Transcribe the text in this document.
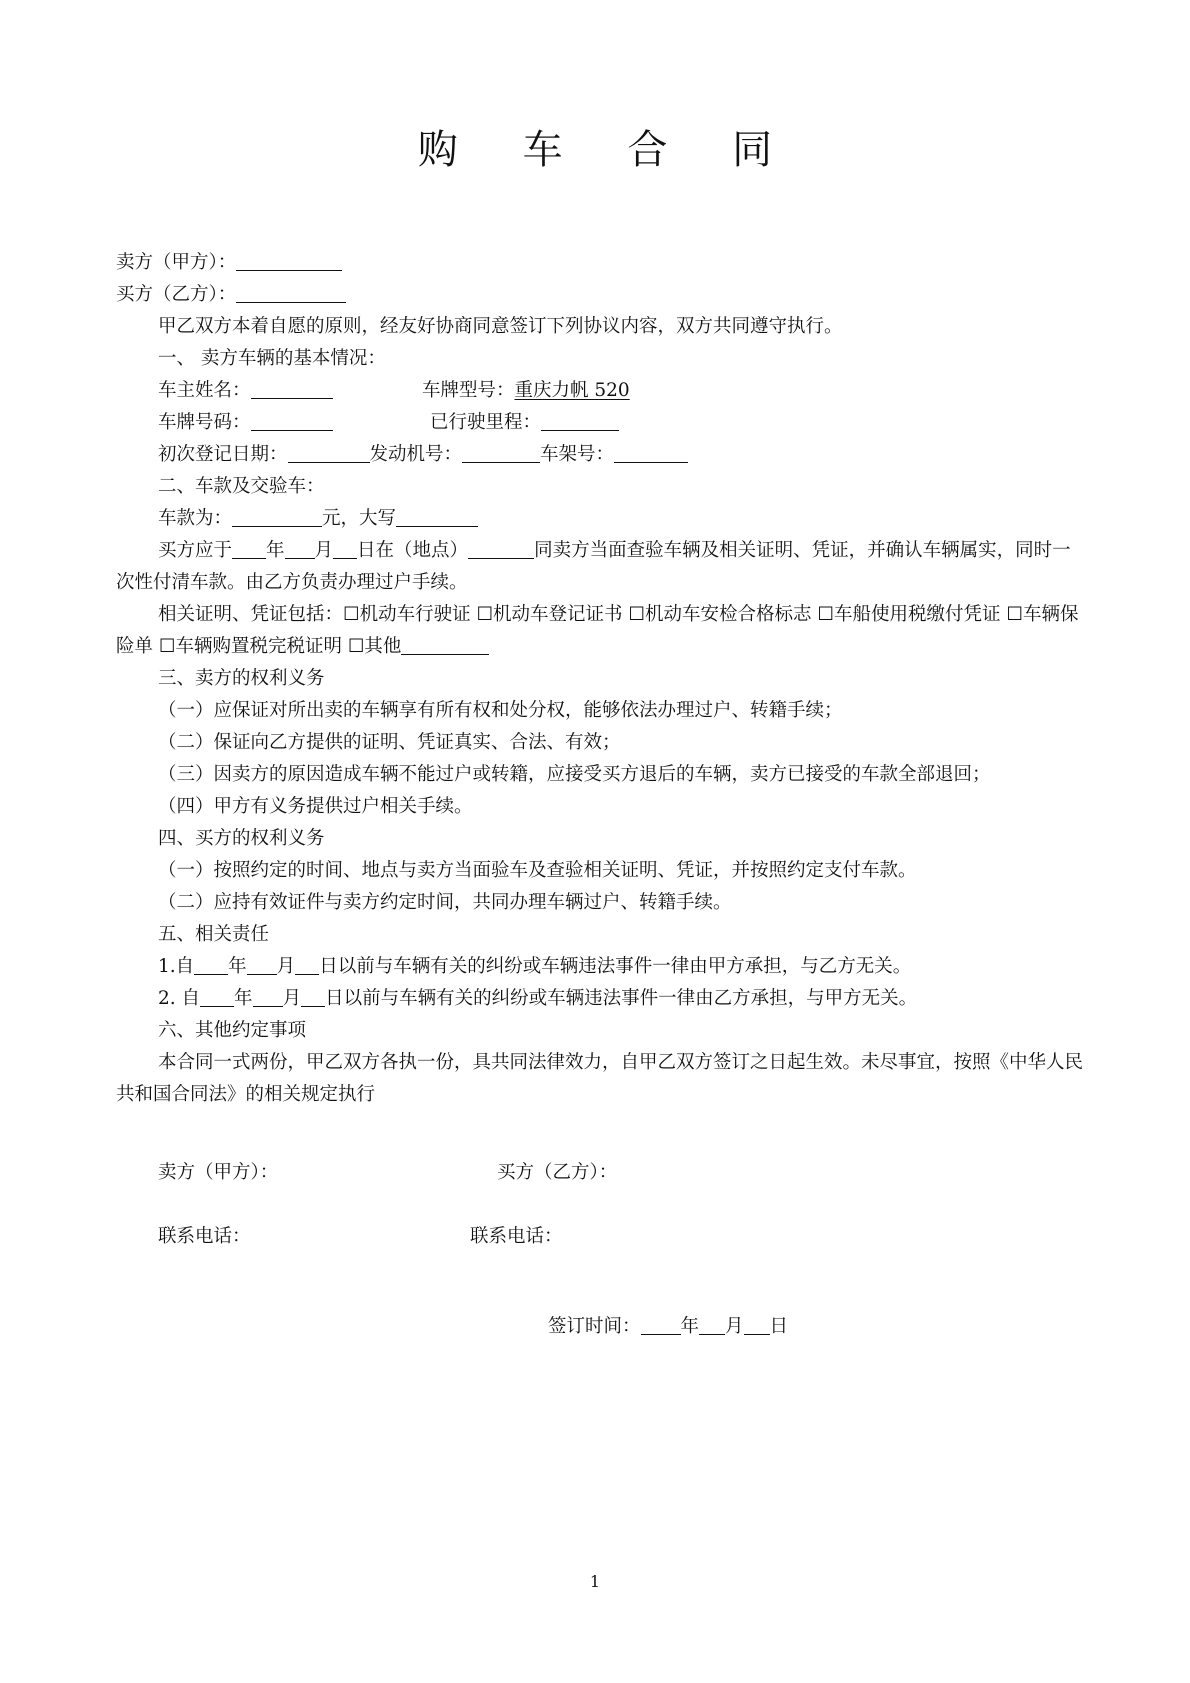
购 车 合 同

卖方（甲方）：

买方（乙方）：

甲乙双方本着自愿的原则，经友好协商同意签订下列协议内容，双方共同遵守执行。

一、 卖方车辆的基本情况：

车主姓名：	车牌型号：重庆力帆 520
车牌号码：	已行驶里程：
初次登记日期：	发动机号：	车架号：

二、车款及交验车：

车款为：	元，大写

买方应于 年 月 日在（地点）	同卖方当面查验车辆及相关证明、凭证，并确认车辆属实，同时一次性付清车款。由乙方负责办理过户手续。

相关证明、凭证包括：☐机动车行驶证 ☐机动车登记证书 ☐机动车安检合格标志 ☐车船使用税缴付凭证 ☐车辆保险单 ☐车辆购置税完税证明 ☐其他

三、卖方的权利义务

（一）应保证对所出卖的车辆享有所有权和处分权，能够依法办理过户、转籍手续；

（二）保证向乙方提供的证明、凭证真实、合法、有效；

（三）因卖方的原因造成车辆不能过户或转籍，应接受买方退后的车辆，卖方已接受的车款全部退回；

（四）甲方有义务提供过户相关手续。

四、买方的权利义务

（一）按照约定的时间、地点与卖方当面验车及查验相关证明、凭证，并按照约定支付车款。

（二）应持有效证件与卖方约定时间，共同办理车辆过户、转籍手续。

五、相关责任

1.自 年 月 日以前与车辆有关的纠纷或车辆违法事件一律由甲方承担，与乙方无关。

2. 自 年 月 日以前与车辆有关的纠纷或车辆违法事件一律由乙方承担，与甲方无关。

六、其他约定事项

本合同一式两份，甲乙双方各执一份，具共同法律效力，自甲乙双方签订之日起生效。未尽事宜，按照《中华人民共和国合同法》的相关规定执行

卖方（甲方）：	买方（乙方）：
联系电话：	联系电话：
签订时间： 年 月 日
1
